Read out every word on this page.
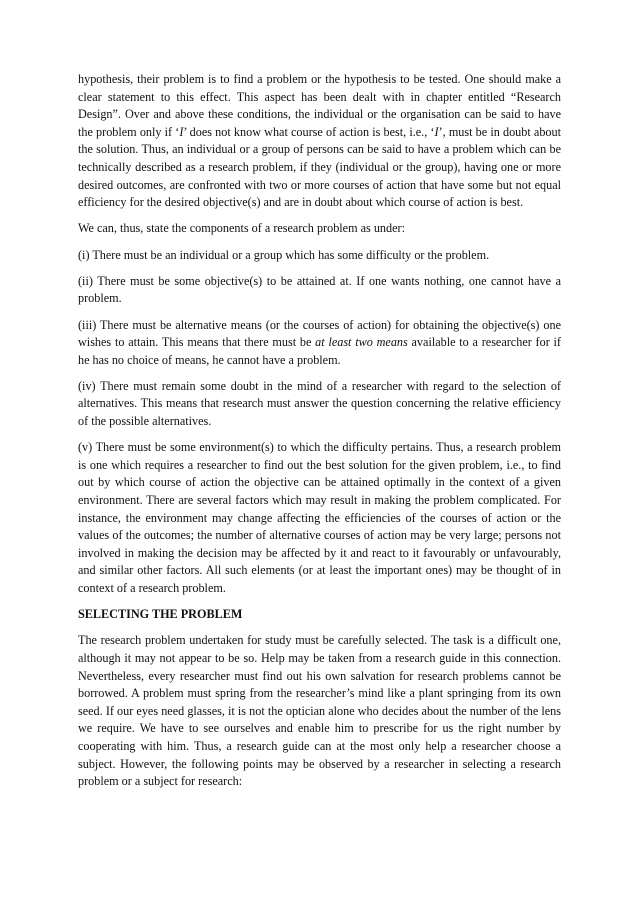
hypothesis, their problem is to find a problem or the hypothesis to be tested. One should make a clear statement to this effect. This aspect has been dealt with in chapter entitled “Research Design”. Over and above these conditions, the individual or the organisation can be said to have the problem only if ‘I’ does not know what course of action is best, i.e., ‘I’, must be in doubt about the solution. Thus, an individual or a group of persons can be said to have a problem which can be technically described as a research problem, if they (individual or the group), having one or more desired outcomes, are confronted with two or more courses of action that have some but not equal efficiency for the desired objective(s) and are in doubt about which course of action is best.

We can, thus, state the components of a research problem as under:

(i) There must be an individual or a group which has some difficulty or the problem.

(ii) There must be some objective(s) to be attained at. If one wants nothing, one cannot have a problem.

(iii) There must be alternative means (or the courses of action) for obtaining the objective(s) one wishes to attain. This means that there must be at least two means available to a researcher for if he has no choice of means, he cannot have a problem.

(iv) There must remain some doubt in the mind of a researcher with regard to the selection of alternatives. This means that research must answer the question concerning the relative efficiency of the possible alternatives.

(v) There must be some environment(s) to which the difficulty pertains. Thus, a research problem is one which requires a researcher to find out the best solution for the given problem, i.e., to find out by which course of action the objective can be attained optimally in the context of a given environment. There are several factors which may result in making the problem complicated. For instance, the environment may change affecting the efficiencies of the courses of action or the values of the outcomes; the number of alternative courses of action may be very large; persons not involved in making the decision may be affected by it and react to it favourably or unfavourably, and similar other factors. All such elements (or at least the important ones) may be thought of in context of a research problem.

SELECTING THE PROBLEM

The research problem undertaken for study must be carefully selected. The task is a difficult one, although it may not appear to be so. Help may be taken from a research guide in this connection. Nevertheless, every researcher must find out his own salvation for research problems cannot be borrowed. A problem must spring from the researcher’s mind like a plant springing from its own seed. If our eyes need glasses, it is not the optician alone who decides about the number of the lens we require. We have to see ourselves and enable him to prescribe for us the right number by cooperating with him. Thus, a research guide can at the most only help a researcher choose a subject. However, the following points may be observed by a researcher in selecting a research problem or a subject for research:
